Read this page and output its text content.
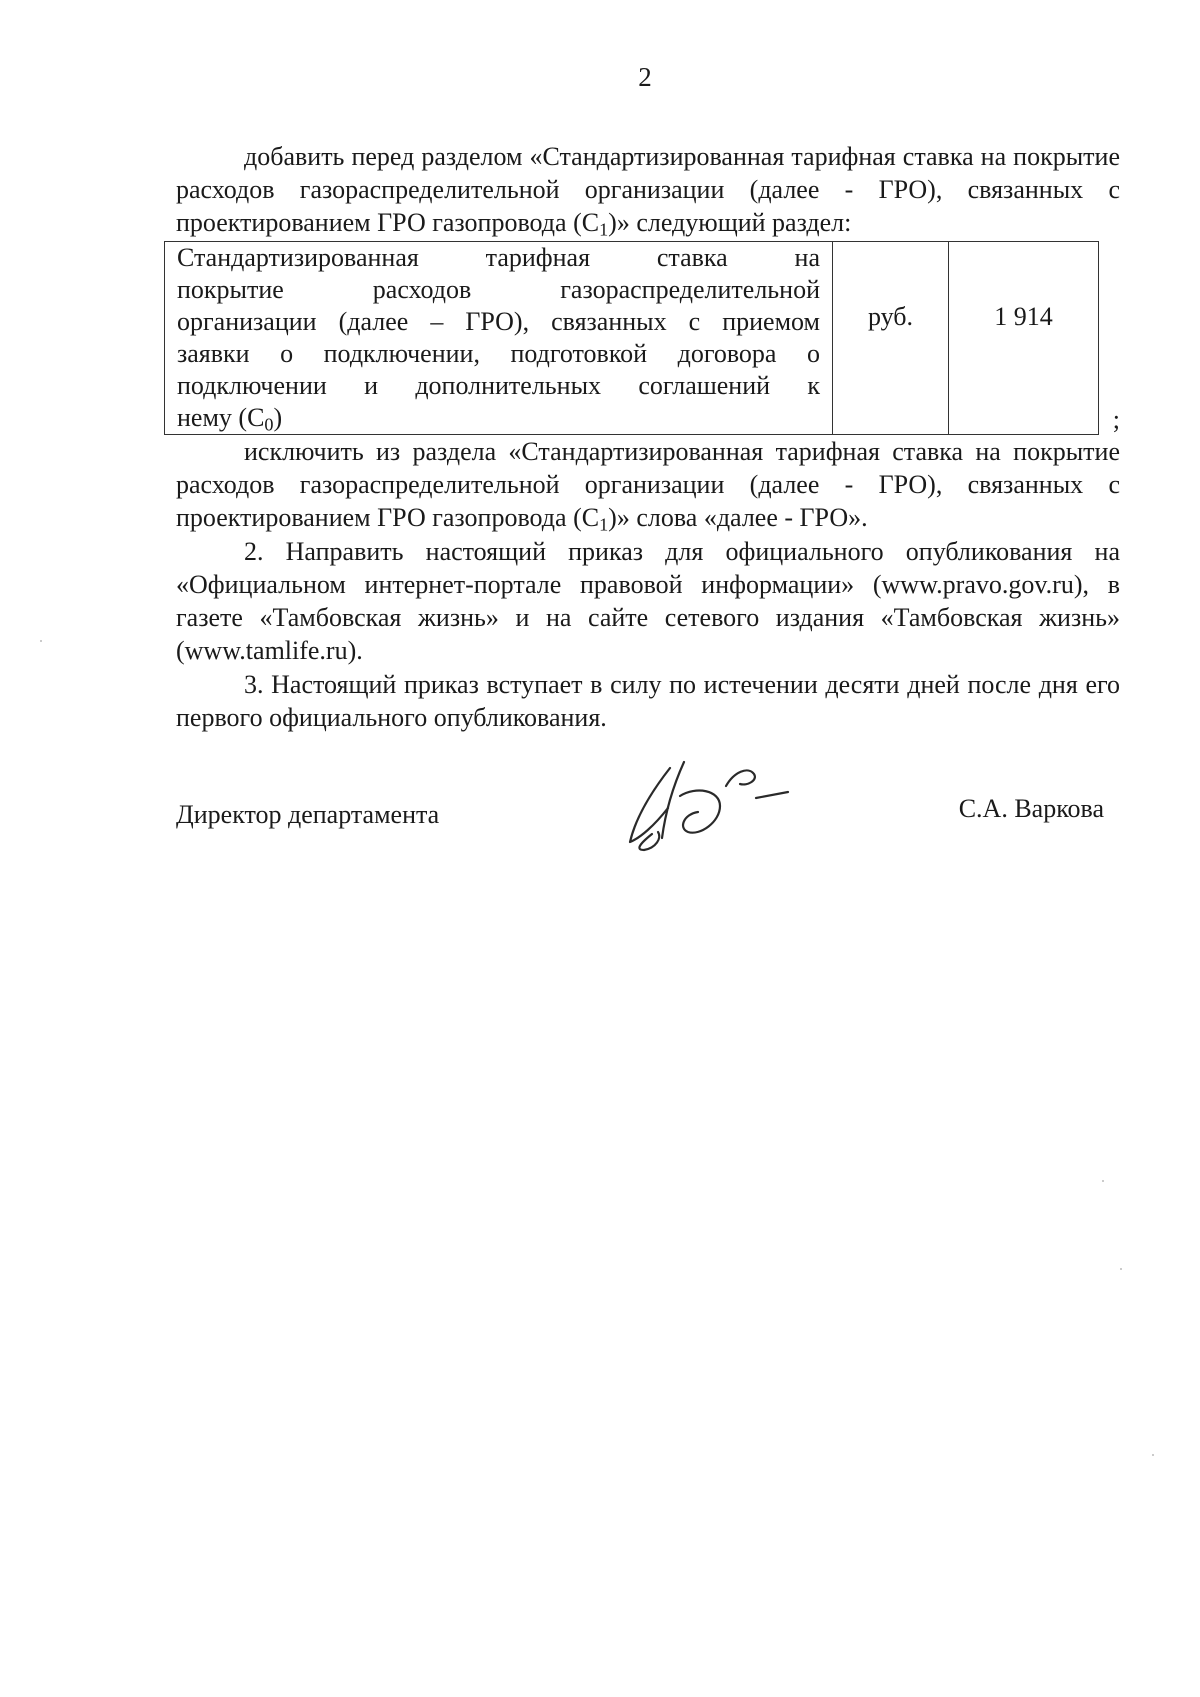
2

добавить перед разделом «Стандартизированная тарифная ставка на покрытие расходов газораспределительной организации (далее - ГРО), связанных с проектированием ГРО газопровода $(С_1)$» следующий раздел:

Стандартизированная тарифная ставка на
покрытие расходов газораспределительной
организации (далее – ГРО), связанных с приемом
заявки о подключении, подготовкой договора о
подключении и дополнительных соглашений к
нему $(С_0)$

руб.	1 914
;

исключить из раздела «Стандартизированная тарифная ставка на покрытие расходов газораспределительной организации (далее - ГРО), связанных с проектированием ГРО газопровода $(С_1)$» слова «далее - ГРО».

2. Направить настоящий приказ для официального опубликования на «Официальном интернет-портале правовой информации» (www.pravo.gov.ru), в газете «Тамбовская жизнь» и на сайте сетевого издания «Тамбовская жизнь» (www.tamlife.ru).

3. Настоящий приказ вступает в силу по истечении десяти дней после дня его первого официального опубликования.

Директор департамента	С.А. Варкова
